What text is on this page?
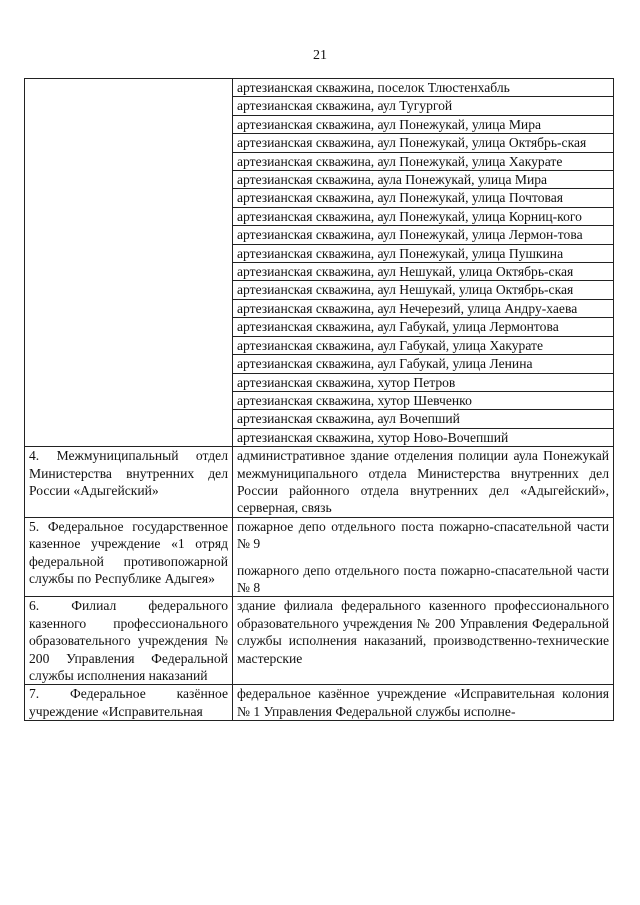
21
	артезианская скважина, поселок Тлюстенхабль
	артезианская скважина, аул Тугургой
	артезианская скважина, аул Понежукай, улица Мира
	артезианская скважина, аул Понежукай, улица Октябрь-ская
	артезианская скважина, аул Понежукай, улица Хакурате
	артезианская скважина, аула Понежукай, улица Мира
	артезианская скважина, аул Понежукай, улица Почтовая
	артезианская скважина, аул Понежукай, улица Корниц-кого
	артезианская скважина, аул Понежукай, улица Лермон-това
	артезианская скважина, аул Понежукай, улица Пушкина
	артезианская скважина, аул Нешукай, улица Октябрь-ская
	артезианская скважина, аул Нешукай, улица Октябрь-ская
	артезианская скважина, аул Нечерезий, улица Андру-хаева
	артезианская скважина, аул Габукай, улица Лермонтова
	артезианская скважина, аул Габукай, улица Хакурате
	артезианская скважина, аул Габукай, улица Ленина
	артезианская скважина, хутор Петров
	артезианская скважина, хутор Шевченко
	артезианская скважина, аул Вочепший
	артезианская скважина, хутор Ново-Вочепший
4. Межмуниципальный отдел Министерства внутренних дел России «Адыгейский»	административное здание отделения полиции аула Понежукай межмуниципального отдела Министерства внутренних дел России районного отдела внутренних дел «Адыгейский», серверная, связь

5. Федеральное государственное казенное учреждение «1 отряд федеральной противопожарной службы по Республике Адыгея»	пожарное депо отдельного поста пожарно-спасательной части № 9
пожарного депо отдельного поста пожарно-спасательной части № 8

6. Филиал федерального казенного профессионального образовательного учреждения № 200 Управления Федеральной службы исполнения наказаний	здание филиала федерального казенного профессионального образовательного учреждения № 200 Управления Федеральной службы исполнения наказаний, производственно-технические мастерские

7. Федеральное казённое учреждение «Исправительная	федеральное казённое учреждение «Исправительная колония № 1 Управления Федеральной службы исполне-
